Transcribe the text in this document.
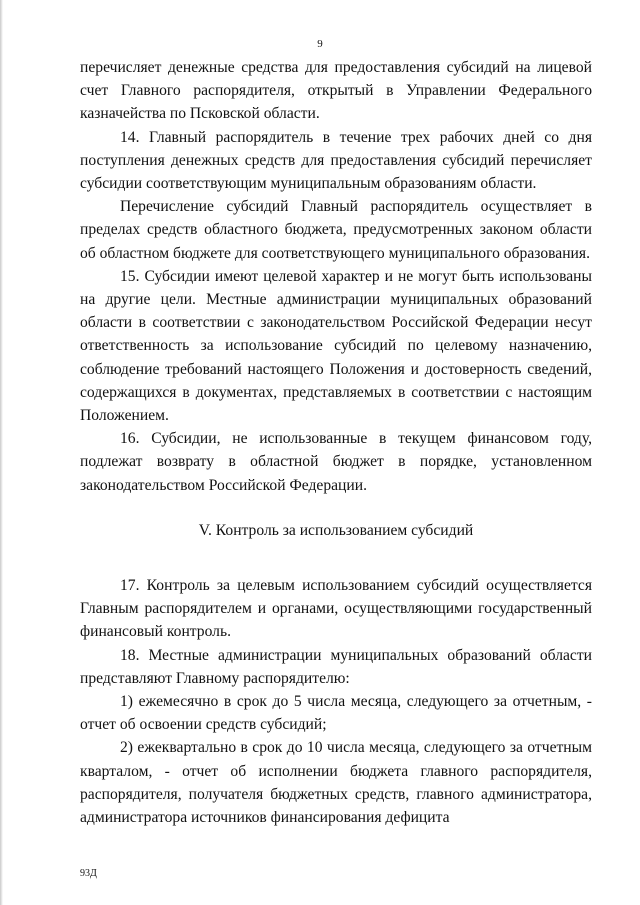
9

перечисляет денежные средства для предоставления субсидий на лицевой счет Главного распорядителя, открытый в Управлении Федерального казначейства по Псковской области.

14. Главный распорядитель в течение трех рабочих дней со дня поступления денежных средств для предоставления субсидий перечисляет субсидии соответствующим муниципальным образованиям области.

Перечисление субсидий Главный распорядитель осуществляет в пределах средств областного бюджета, предусмотренных законом области об областном бюджете для соответствующего муниципального образования.

15. Субсидии имеют целевой характер и не могут быть использованы на другие цели. Местные администрации муниципальных образований области в соответствии с законодательством Российской Федерации несут ответственность за использование субсидий по целевому назначению, соблюдение требований настоящего Положения и достоверность сведений, содержащихся в документах, представляемых в соответствии с настоящим Положением.

16. Субсидии, не использованные в текущем финансовом году, подлежат возврату в областной бюджет в порядке, установленном законодательством Российской Федерации.

V. Контроль за использованием субсидий

17. Контроль за целевым использованием субсидий осуществляется Главным распорядителем и органами, осуществляющими государственный финансовый контроль.

18. Местные администрации муниципальных образований области представляют Главному распорядителю:

1) ежемесячно в срок до 5 числа месяца, следующего за отчетным, - отчет об освоении средств субсидий;

2) ежеквартально в срок до 10 числа месяца, следующего за отчетным кварталом, - отчет об исполнении бюджета главного распорядителя, распорядителя, получателя бюджетных средств, главного администратора, администратора источников финансирования дефицита

93Д
